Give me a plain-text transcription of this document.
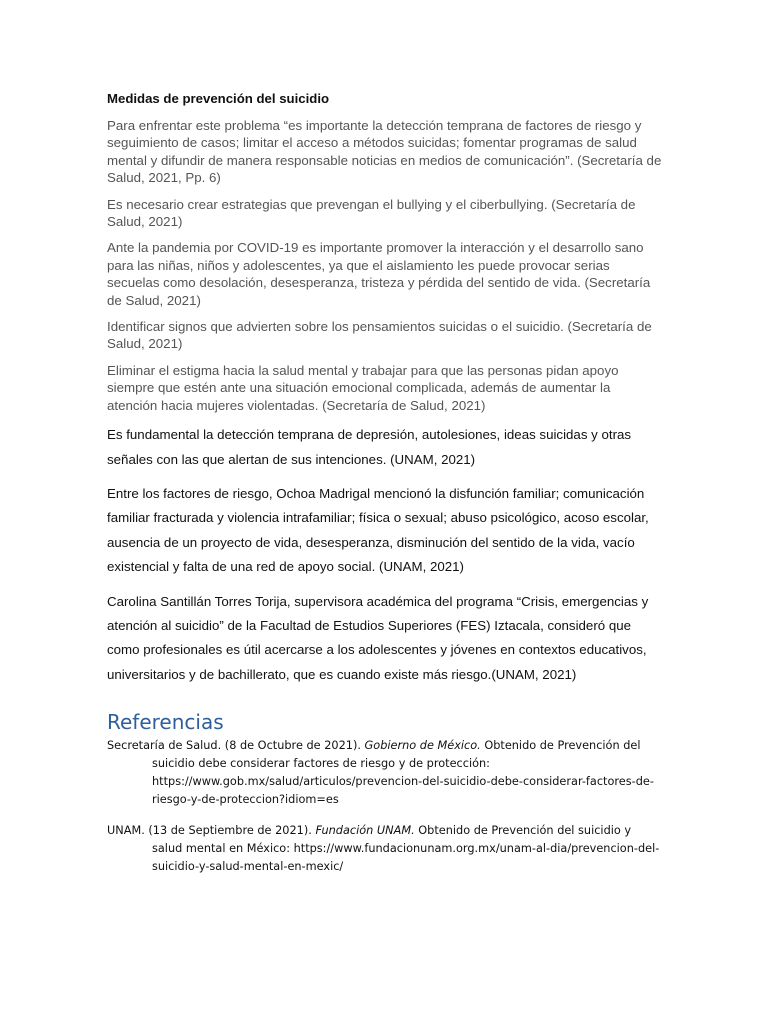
Medidas de prevención del suicidio

Para enfrentar este problema “es importante la detección temprana de factores de riesgo y seguimiento de casos; limitar el acceso a métodos suicidas; fomentar programas de salud mental y difundir de manera responsable noticias en medios de comunicación”. (Secretaría de Salud, 2021, Pp. 6)

Es necesario crear estrategias que prevengan el bullying y el ciberbullying. (Secretaría de Salud, 2021)

Ante la pandemia por COVID-19 es importante promover la interacción y el desarrollo sano para las niñas, niños y adolescentes, ya que el aislamiento les puede provocar serias secuelas como desolación, desesperanza, tristeza y pérdida del sentido de vida. (Secretaría de Salud, 2021)

Identificar signos que advierten sobre los pensamientos suicidas o el suicidio. (Secretaría de Salud, 2021)

Eliminar el estigma hacia la salud mental y trabajar para que las personas pidan apoyo siempre que estén ante una situación emocional complicada, además de aumentar la atención hacia mujeres violentadas. (Secretaría de Salud, 2021)

Es fundamental la detección temprana de depresión, autolesiones, ideas suicidas y otras señales con las que alertan de sus intenciones. (UNAM, 2021)

Entre los factores de riesgo, Ochoa Madrigal mencionó la disfunción familiar; comunicación familiar fracturada y violencia intrafamiliar; física o sexual; abuso psicológico, acoso escolar, ausencia de un proyecto de vida, desesperanza, disminución del sentido de la vida, vacío existencial y falta de una red de apoyo social. (UNAM, 2021)

Carolina Santillán Torres Torija, supervisora académica del programa “Crisis, emergencias y atención al suicidio” de la Facultad de Estudios Superiores (FES) Iztacala, consideró que como profesionales es útil acercarse a los adolescentes y jóvenes en contextos educativos, universitarios y de bachillerato, que es cuando existe más riesgo.(UNAM, 2021)

Referencias

Secretaría de Salud. (8 de Octubre de 2021). Gobierno de México. Obtenido de Prevención del suicidio debe considerar factores de riesgo y de protección: https://www.gob.mx/salud/articulos/prevencion-del-suicidio-debe-considerar-factores-de-riesgo-y-de-proteccion?idiom=es

UNAM. (13 de Septiembre de 2021). Fundación UNAM. Obtenido de Prevención del suicidio y salud mental en México: https://www.fundacionunam.org.mx/unam-al-dia/prevencion-del-suicidio-y-salud-mental-en-mexic/
